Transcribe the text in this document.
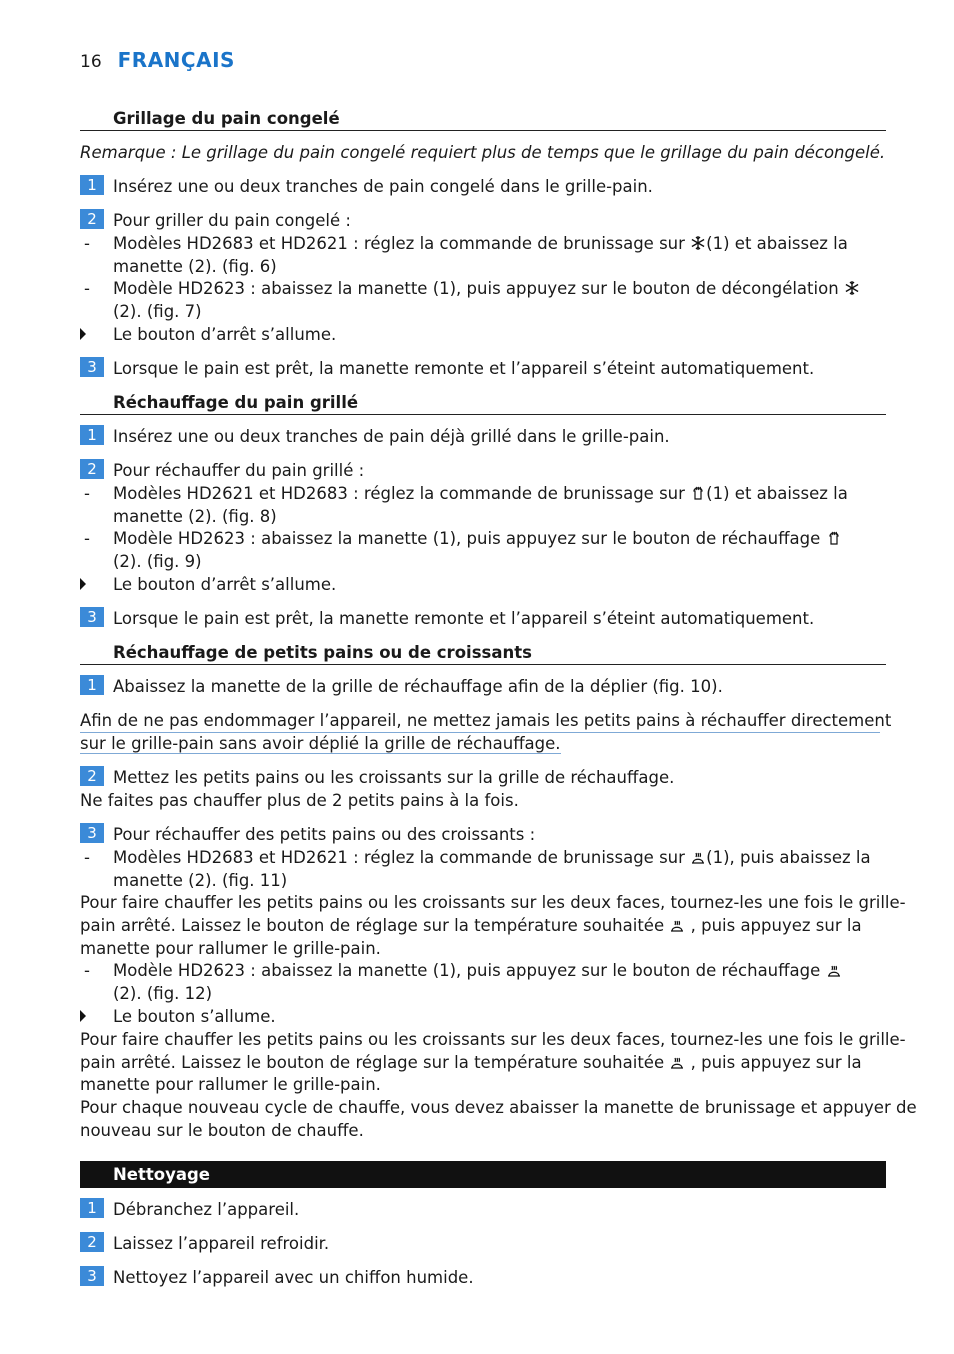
16 FRANÇAIS
Grillage du pain congelé
Remarque : Le grillage du pain congelé requiert plus de temps que le grillage du pain décongelé.
1 Insérez une ou deux tranches de pain congelé dans le grille-pain.
2 Pour griller du pain congelé :
- Modèles HD2683 et HD2621 : réglez la commande de brunissage sur (1) et abaissez la
manette (2). (fig. 6)
- Modèle HD2623 : abaissez la manette (1), puis appuyez sur le bouton de décongélation
(2). (fig. 7)
Le bouton d’arrêt s’allume.
3 Lorsque le pain est prêt, la manette remonte et l’appareil s’éteint automatiquement.
Réchauffage du pain grillé
1 Insérez une ou deux tranches de pain déjà grillé dans le grille-pain.
2 Pour réchauffer du pain grillé :
- Modèles HD2621 et HD2683 : réglez la commande de brunissage sur (1) et abaissez la
manette (2). (fig. 8)
- Modèle HD2623 : abaissez la manette (1), puis appuyez sur le bouton de réchauffage
(2). (fig. 9)
Le bouton d’arrêt s’allume.
3 Lorsque le pain est prêt, la manette remonte et l’appareil s’éteint automatiquement.
Réchauffage de petits pains ou de croissants
1 Abaissez la manette de la grille de réchauffage afin de la déplier (fig. 10).
Afin de ne pas endommager l’appareil, ne mettez jamais les petits pains à réchauffer directement
sur le grille-pain sans avoir déplié la grille de réchauffage.
2 Mettez les petits pains ou les croissants sur la grille de réchauffage.
Ne faites pas chauffer plus de 2 petits pains à la fois.
3 Pour réchauffer des petits pains ou des croissants :
- Modèles HD2683 et HD2621 : réglez la commande de brunissage sur (1), puis abaissez la
manette (2). (fig. 11)
Pour faire chauffer les petits pains ou les croissants sur les deux faces, tournez-les une fois le grille-
pain arrêté. Laissez le bouton de réglage sur la température souhaitée  , puis appuyez sur la
manette pour rallumer le grille-pain.
- Modèle HD2623 : abaissez la manette (1), puis appuyez sur le bouton de réchauffage
(2). (fig. 12)
Le bouton s’allume.
Pour faire chauffer les petits pains ou les croissants sur les deux faces, tournez-les une fois le grille-
pain arrêté. Laissez le bouton de réglage sur la température souhaitée  , puis appuyez sur la
manette pour rallumer le grille-pain.
Pour chaque nouveau cycle de chauffe, vous devez abaisser la manette de brunissage et appuyer de
nouveau sur le bouton de chauffe.
Nettoyage
1 Débranchez l’appareil.
2 Laissez l’appareil refroidir.
3 Nettoyez l’appareil avec un chiffon humide.
